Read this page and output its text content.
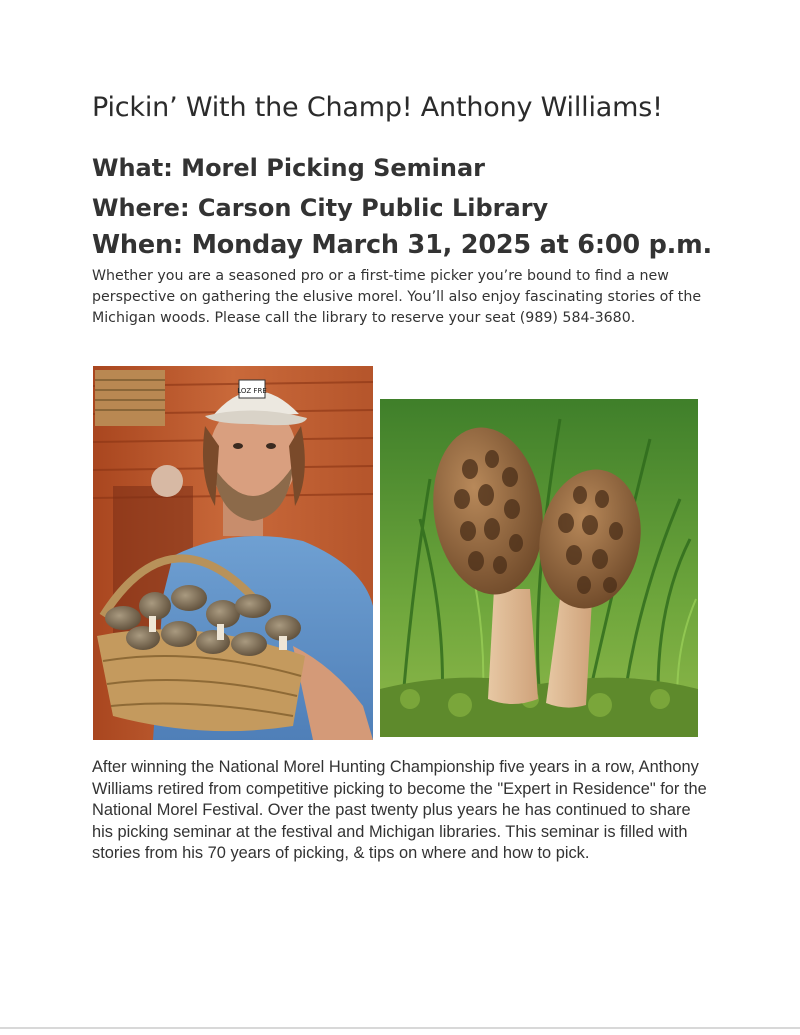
Pickin’ With the Champ! Anthony Williams!
What: Morel Picking Seminar
Where: Carson City Public Library
When: Monday March 31, 2025 at 6:00 p.m.
Whether you are a seasoned pro or a first-time picker you’re bound to find a new perspective on gathering the elusive morel. You’ll also enjoy fascinating stories of the Michigan woods. Please call the library to reserve your seat (989) 584-3680.
LOZ FRE
After winning the National Morel Hunting Championship five years in a row, Anthony Williams retired from competitive picking to become the "Expert in Residence" for the National Morel Festival. Over the past twenty plus years he has continued to share his picking seminar at the festival and Michigan libraries. This seminar is filled with stories from his 70 years of picking, & tips on where and how to pick.
